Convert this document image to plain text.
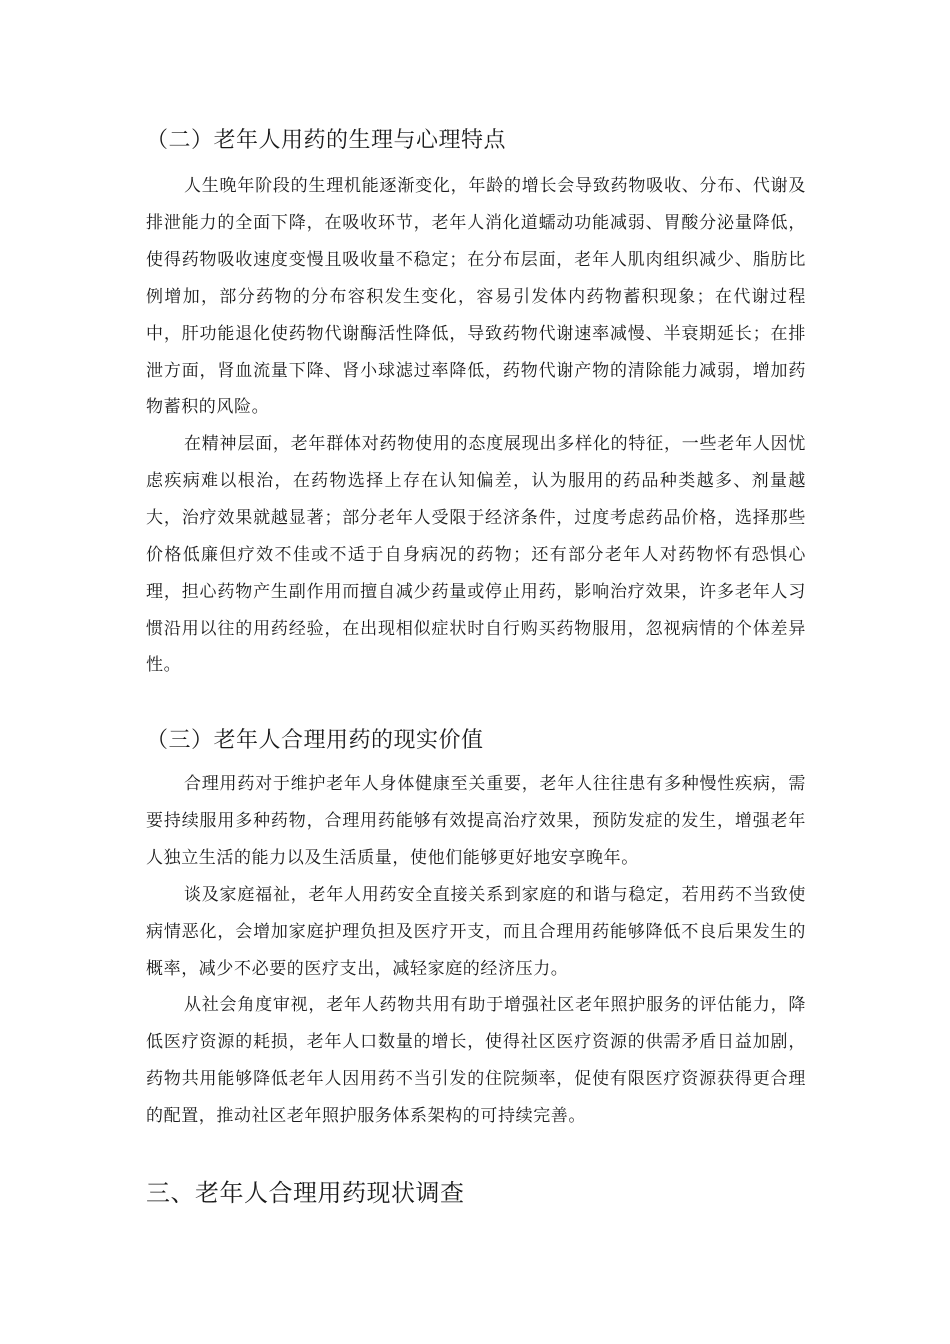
（二）老年人用药的生理与心理特点

人生晚年阶段的生理机能逐渐变化，年龄的增长会导致药物吸收、分布、代谢及排泄能力的全面下降，在吸收环节，老年人消化道蠕动功能减弱、胃酸分泌量降低，使得药物吸收速度变慢且吸收量不稳定；在分布层面，老年人肌肉组织减少、脂肪比例增加，部分药物的分布容积发生变化，容易引发体内药物蓄积现象；在代谢过程中，肝功能退化使药物代谢酶活性降低，导致药物代谢速率减慢、半衰期延长；在排泄方面，肾血流量下降、肾小球滤过率降低，药物代谢产物的清除能力减弱，增加药物蓄积的风险。

在精神层面，老年群体对药物使用的态度展现出多样化的特征，一些老年人因忧虑疾病难以根治，在药物选择上存在认知偏差，认为服用的药品种类越多、剂量越大，治疗效果就越显著；部分老年人受限于经济条件，过度考虑药品价格，选择那些价格低廉但疗效不佳或不适于自身病况的药物；还有部分老年人对药物怀有恐惧心理，担心药物产生副作用而擅自减少药量或停止用药，影响治疗效果，许多老年人习惯沿用以往的用药经验，在出现相似症状时自行购买药物服用，忽视病情的个体差异性。

（三）老年人合理用药的现实价值

合理用药对于维护老年人身体健康至关重要，老年人往往患有多种慢性疾病，需要持续服用多种药物，合理用药能够有效提高治疗效果，预防发症的发生，增强老年人独立生活的能力以及生活质量，使他们能够更好地安享晚年。

谈及家庭福祉，老年人用药安全直接关系到家庭的和谐与稳定，若用药不当致使病情恶化，会增加家庭护理负担及医疗开支，而且合理用药能够降低不良后果发生的概率，减少不必要的医疗支出，减轻家庭的经济压力。

从社会角度审视，老年人药物共用有助于增强社区老年照护服务的评估能力，降低医疗资源的耗损，老年人口数量的增长，使得社区医疗资源的供需矛盾日益加剧，药物共用能够降低老年人因用药不当引发的住院频率，促使有限医疗资源获得更合理的配置，推动社区老年照护服务体系架构的可持续完善。

三、老年人合理用药现状调查
